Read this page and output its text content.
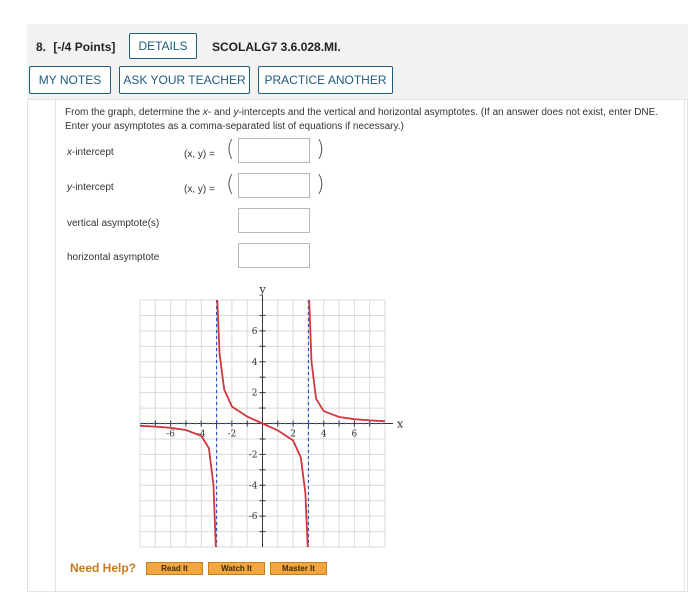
8. [-/4 Points]	DETAILS	SCOLALG7 3.6.028.MI.
MY NOTES	ASK YOUR TEACHER	PRACTICE ANOTHER
From the graph, determine the x- and y-intercepts and the vertical and horizontal asymptotes. (If an answer does not exist, enter DNE. Enter your asymptotes as a comma-separated list of equations if necessary.)
x-intercept	(x, y) = (	)
y-intercept	(x, y) = (	)
vertical asymptote(s)
horizontal asymptote
x
y
-6 -4 -2	2	4	6
6
4
2
-2
-4
-6
Need Help?	Read It	Watch It	Master It
